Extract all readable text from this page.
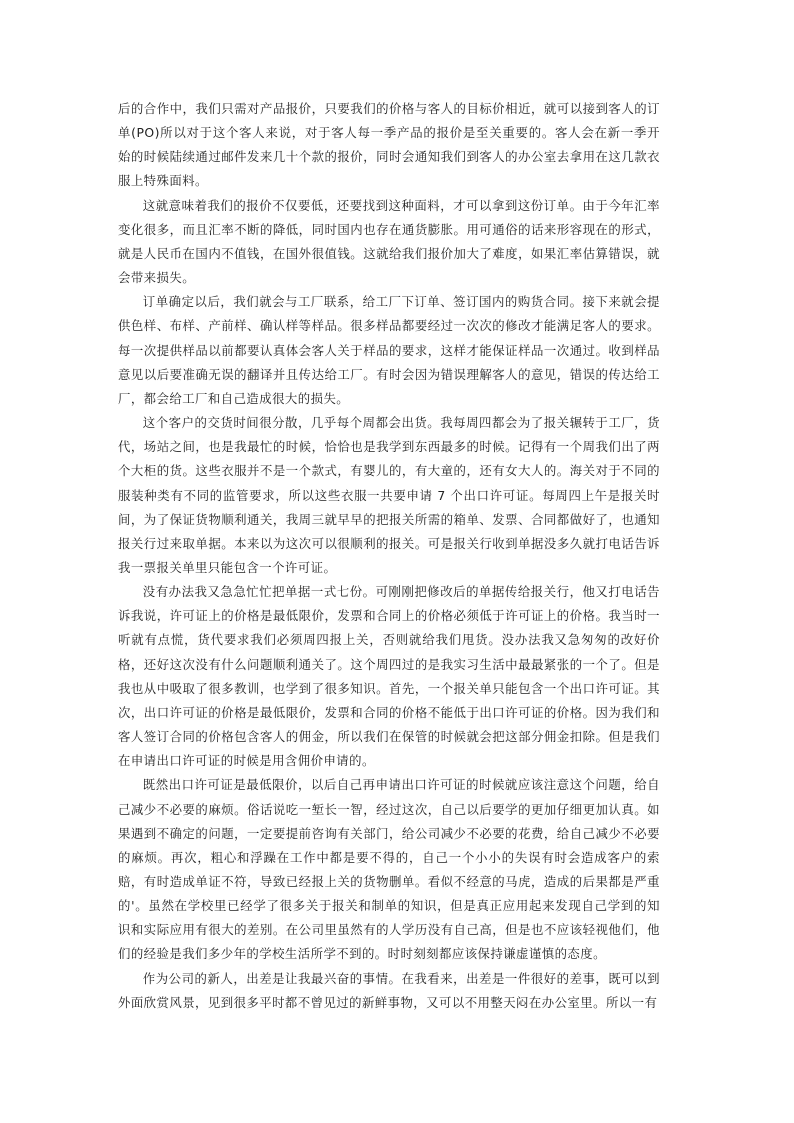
后的合作中，我们只需对产品报价，只要我们的价格与客人的目标价相近，就可以接到客人的订单(PO)所以对于这个客人来说，对于客人每一季产品的报价是至关重要的。客人会在新一季开始的时候陆续通过邮件发来几十个款的报价，同时会通知我们到客人的办公室去拿用在这几款衣服上特殊面料。

这就意味着我们的报价不仅要低，还要找到这种面料，才可以拿到这份订单。由于今年汇率变化很多，而且汇率不断的降低，同时国内也存在通货膨胀。用可通俗的话来形容现在的形式，就是人民币在国内不值钱，在国外很值钱。这就给我们报价加大了难度，如果汇率估算错误，就会带来损失。

订单确定以后，我们就会与工厂联系，给工厂下订单、签订国内的购货合同。接下来就会提供色样、布样、产前样、确认样等样品。很多样品都要经过一次次的修改才能满足客人的要求。每一次提供样品以前都要认真体会客人关于样品的要求，这样才能保证样品一次通过。收到样品意见以后要准确无误的翻译并且传达给工厂。有时会因为错误理解客人的意见，错误的传达给工厂，都会给工厂和自己造成很大的损失。

这个客户的交货时间很分散，几乎每个周都会出货。我每周四都会为了报关辗转于工厂，货代，场站之间，也是我最忙的时候，恰恰也是我学到东西最多的时候。记得有一个周我们出了两个大柜的货。这些衣服并不是一个款式，有婴儿的，有大童的，还有女大人的。海关对于不同的服装种类有不同的监管要求，所以这些衣服一共要申请 7 个出口许可证。每周四上午是报关时间，为了保证货物顺利通关，我周三就早早的把报关所需的箱单、发票、合同都做好了，也通知报关行过来取单据。本来以为这次可以很顺利的报关。可是报关行收到单据没多久就打电话告诉我一票报关单里只能包含一个许可证。

没有办法我又急急忙忙把单据一式七份。可刚刚把修改后的单据传给报关行，他又打电话告诉我说，许可证上的价格是最低限价，发票和合同上的价格必须低于许可证上的价格。我当时一听就有点慌，货代要求我们必须周四报上关，否则就给我们甩货。没办法我又急匆匆的改好价格，还好这次没有什么问题顺利通关了。这个周四过的是我实习生活中最最紧张的一个了。但是我也从中吸取了很多教训，也学到了很多知识。首先，一个报关单只能包含一个出口许可证。其次，出口许可证的价格是最低限价，发票和合同的价格不能低于出口许可证的价格。因为我们和客人签订合同的价格包含客人的佣金，所以我们在保管的时候就会把这部分佣金扣除。但是我们在申请出口许可证的时候是用含佣价申请的。

既然出口许可证是最低限价，以后自己再申请出口许可证的时候就应该注意这个问题，给自己减少不必要的麻烦。俗话说吃一堑长一智，经过这次，自己以后要学的更加仔细更加认真。如果遇到不确定的问题，一定要提前咨询有关部门，给公司减少不必要的花费，给自己减少不必要的麻烦。再次，粗心和浮躁在工作中都是要不得的，自己一个小小的失误有时会造成客户的索赔，有时造成单证不符，导致已经报上关的货物删单。看似不经意的马虎，造成的后果都是严重的'。虽然在学校里已经学了很多关于报关和制单的知识，但是真正应用起来发现自己学到的知识和实际应用有很大的差别。在公司里虽然有的人学历没有自己高，但是也不应该轻视他们，他们的经验是我们多少年的学校生活所学不到的。时时刻刻都应该保持谦虚谨慎的态度。

作为公司的新人，出差是让我最兴奋的事情。在我看来，出差是一件很好的差事，既可以到外面欣赏风景，见到很多平时都不曾见过的新鲜事物，又可以不用整天闷在办公室里。所以一有
